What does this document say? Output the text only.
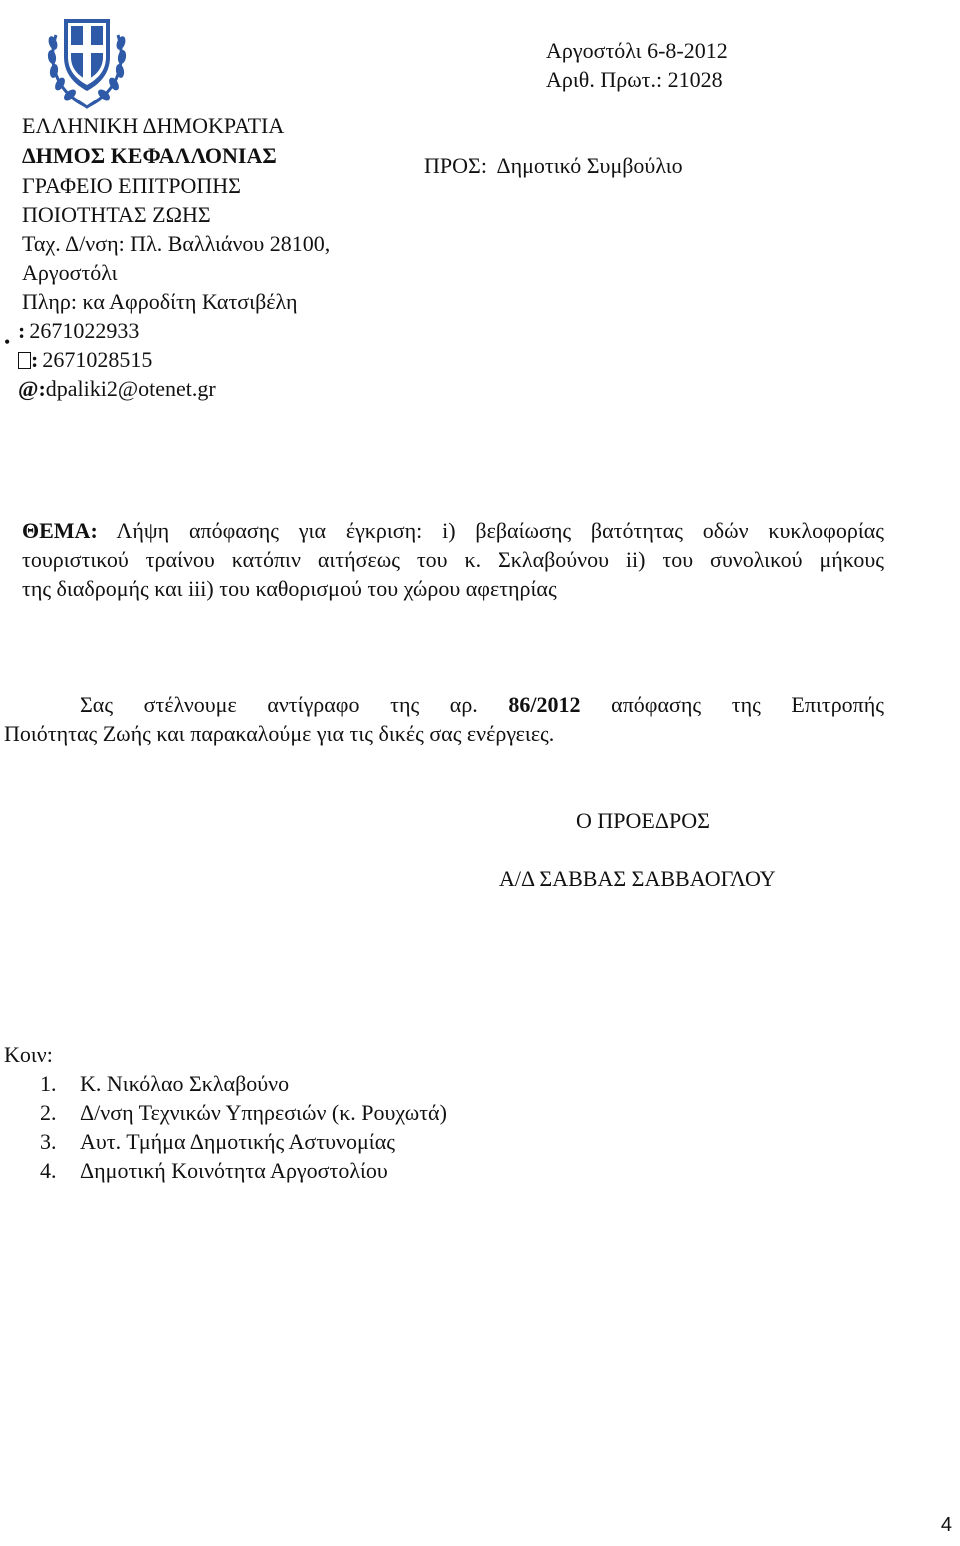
ΕΛΛΗΝΙΚΗ ΔΗΜΟΚΡΑΤΙΑ
ΔΗΜΟΣ ΚΕΦΑΛΛΟΝΙΑΣ
ΓΡΑΦΕΙΟ ΕΠΙΤΡΟΠΗΣ
ΠΟΙΟΤΗΤΑΣ ΖΩΗΣ
Ταχ. Δ/νση: Πλ. Βαλλιάνου 28100,
Αργοστόλι
Πληρ: κα Αφροδίτη Κατσιβέλη
• : 2671022933
: 2671028515
@:dpaliki2@otenet.gr
Αργοστόλι 6-8-2012
Αριθ. Πρωτ.: 21028
ΠΡΟΣ: Δημοτικό Συμβούλιο
ΘΕΜΑ: Λήψη απόφασης για έγκριση: i) βεβαίωσης βατότητας οδών κυκλοφορίας
τουριστικού τραίνου κατόπιν αιτήσεως του κ. Σκλαβούνου ii) του συνολικού μήκους
της διαδρομής και iii) του καθορισμού του χώρου αφετηρίας
Σας στέλνουμε αντίγραφο της αρ. 86/2012 απόφασης της Επιτροπής
Ποιότητας Ζωής και παρακαλούμε για τις δικές σας ενέργειες.
Ο ΠΡΟΕΔΡΟΣ
Α/Δ ΣΑΒΒΑΣ ΣΑΒΒΑΟΓΛΟΥ
Κοιν:
1. Κ. Νικόλαο Σκλαβούνο
2. Δ/νση Τεχνικών Υπηρεσιών (κ. Ρουχωτά)
3. Αυτ. Τμήμα Δημοτικής Αστυνομίας
4. Δημοτική Κοινότητα Αργοστολίου
4
